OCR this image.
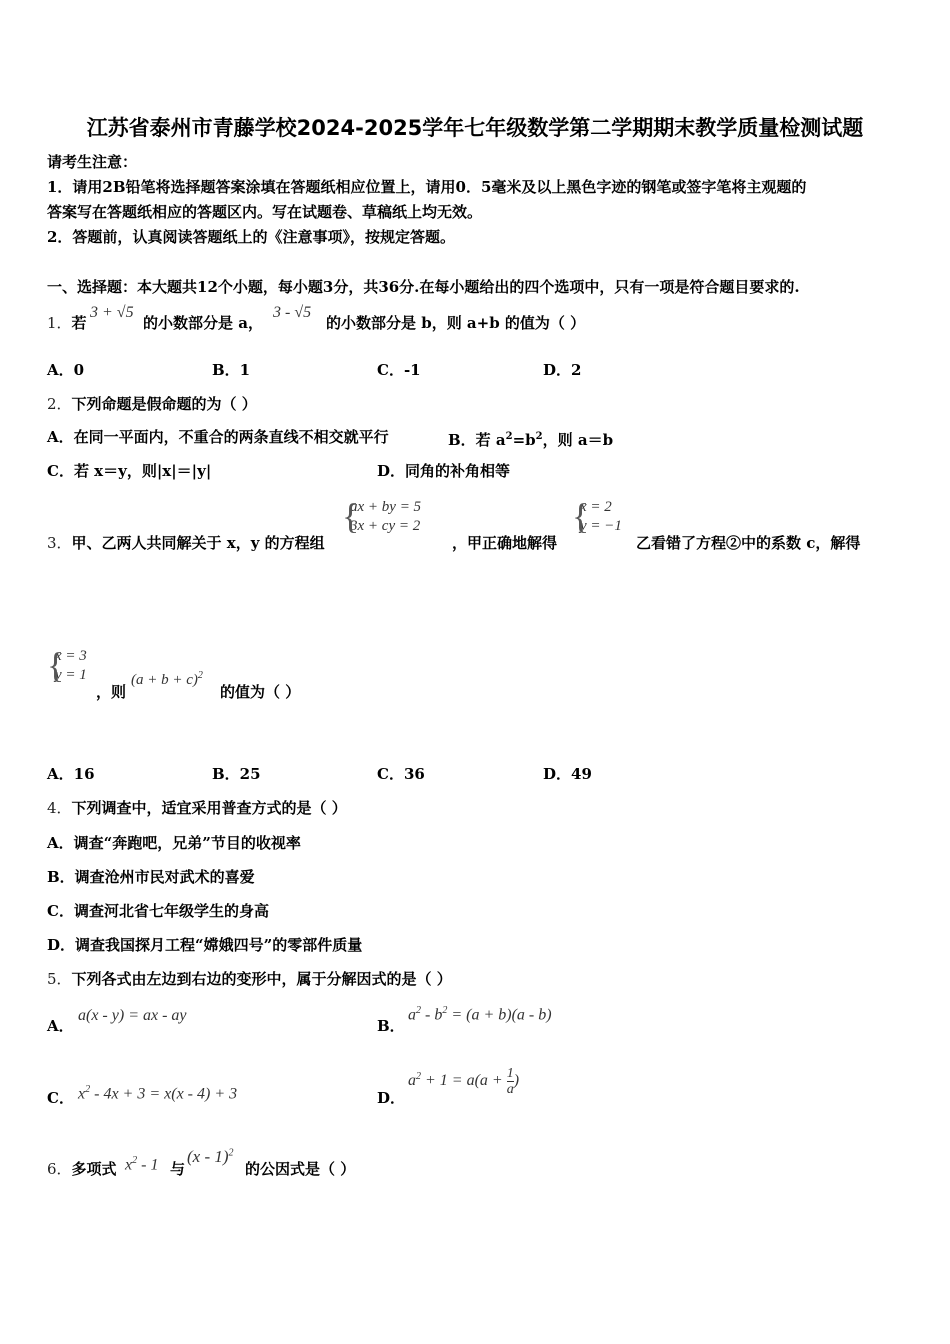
江苏省泰州市青藤学校2024-2025学年七年级数学第二学期期末教学质量检测试题
请考生注意：
1．请用2B铅笔将选择题答案涂填在答题纸相应位置上，请用0．5毫米及以上黑色字迹的钢笔或签字笔将主观题的
答案写在答题纸相应的答题区内。写在试题卷、草稿纸上均无效。
2．答题前，认真阅读答题纸上的《注意事项》，按规定答题。
一、选择题：本大题共12个小题，每小题3分，共36分.在每小题给出的四个选项中，只有一项是符合题目要求的.
1．若
3 + √5
的小数部分是 a，
3 - √5
的小数部分是 b，则 a+b 的值为（ ）
A．0	B．1	C．-1	D．2
2．下列命题是假命题的为（ ）
A．在同一平面内，不重合的两条直线不相交就平行	B．若 $a^2=b^2$，则 a＝b
C．若 x＝y，则|x|＝|y|	D．同角的补角相等
3．甲、乙两人共同解关于 x，y 的方程组
{
ax + by = 5
3x + cy = 2
，甲正确地解得
{
x = 2
y = −1
乙看错了方程②中的系数 c，解得
{
x = 3
y = 1
，则
$(a + b + c)^2$
的值为（ ）
A．16	B．25	C．36	D．49
4．下列调查中，适宜采用普查方式的是（ ）
A．调查“奔跑吧，兄弟”节目的收视率
B．调查沧州市民对武术的喜爱
C．调查河北省七年级学生的身高
D．调查我国探月工程“嫦娥四号”的零部件质量
5．下列各式由左边到右边的变形中，属于分解因式的是（ ）
A．
a(x - y) = ax - ay
B．
$a^2 - b^2 = (a + b)(a - b)$
C． $x^2 - 4x + 3 = x(x - 4) + 3$	D．
$a^2 + 1 = a(a + \frac{1}{a}$ )
6．多项式 $x^2 - 1$ 与
(x - 1)$^2$
的公因式是（ ）
